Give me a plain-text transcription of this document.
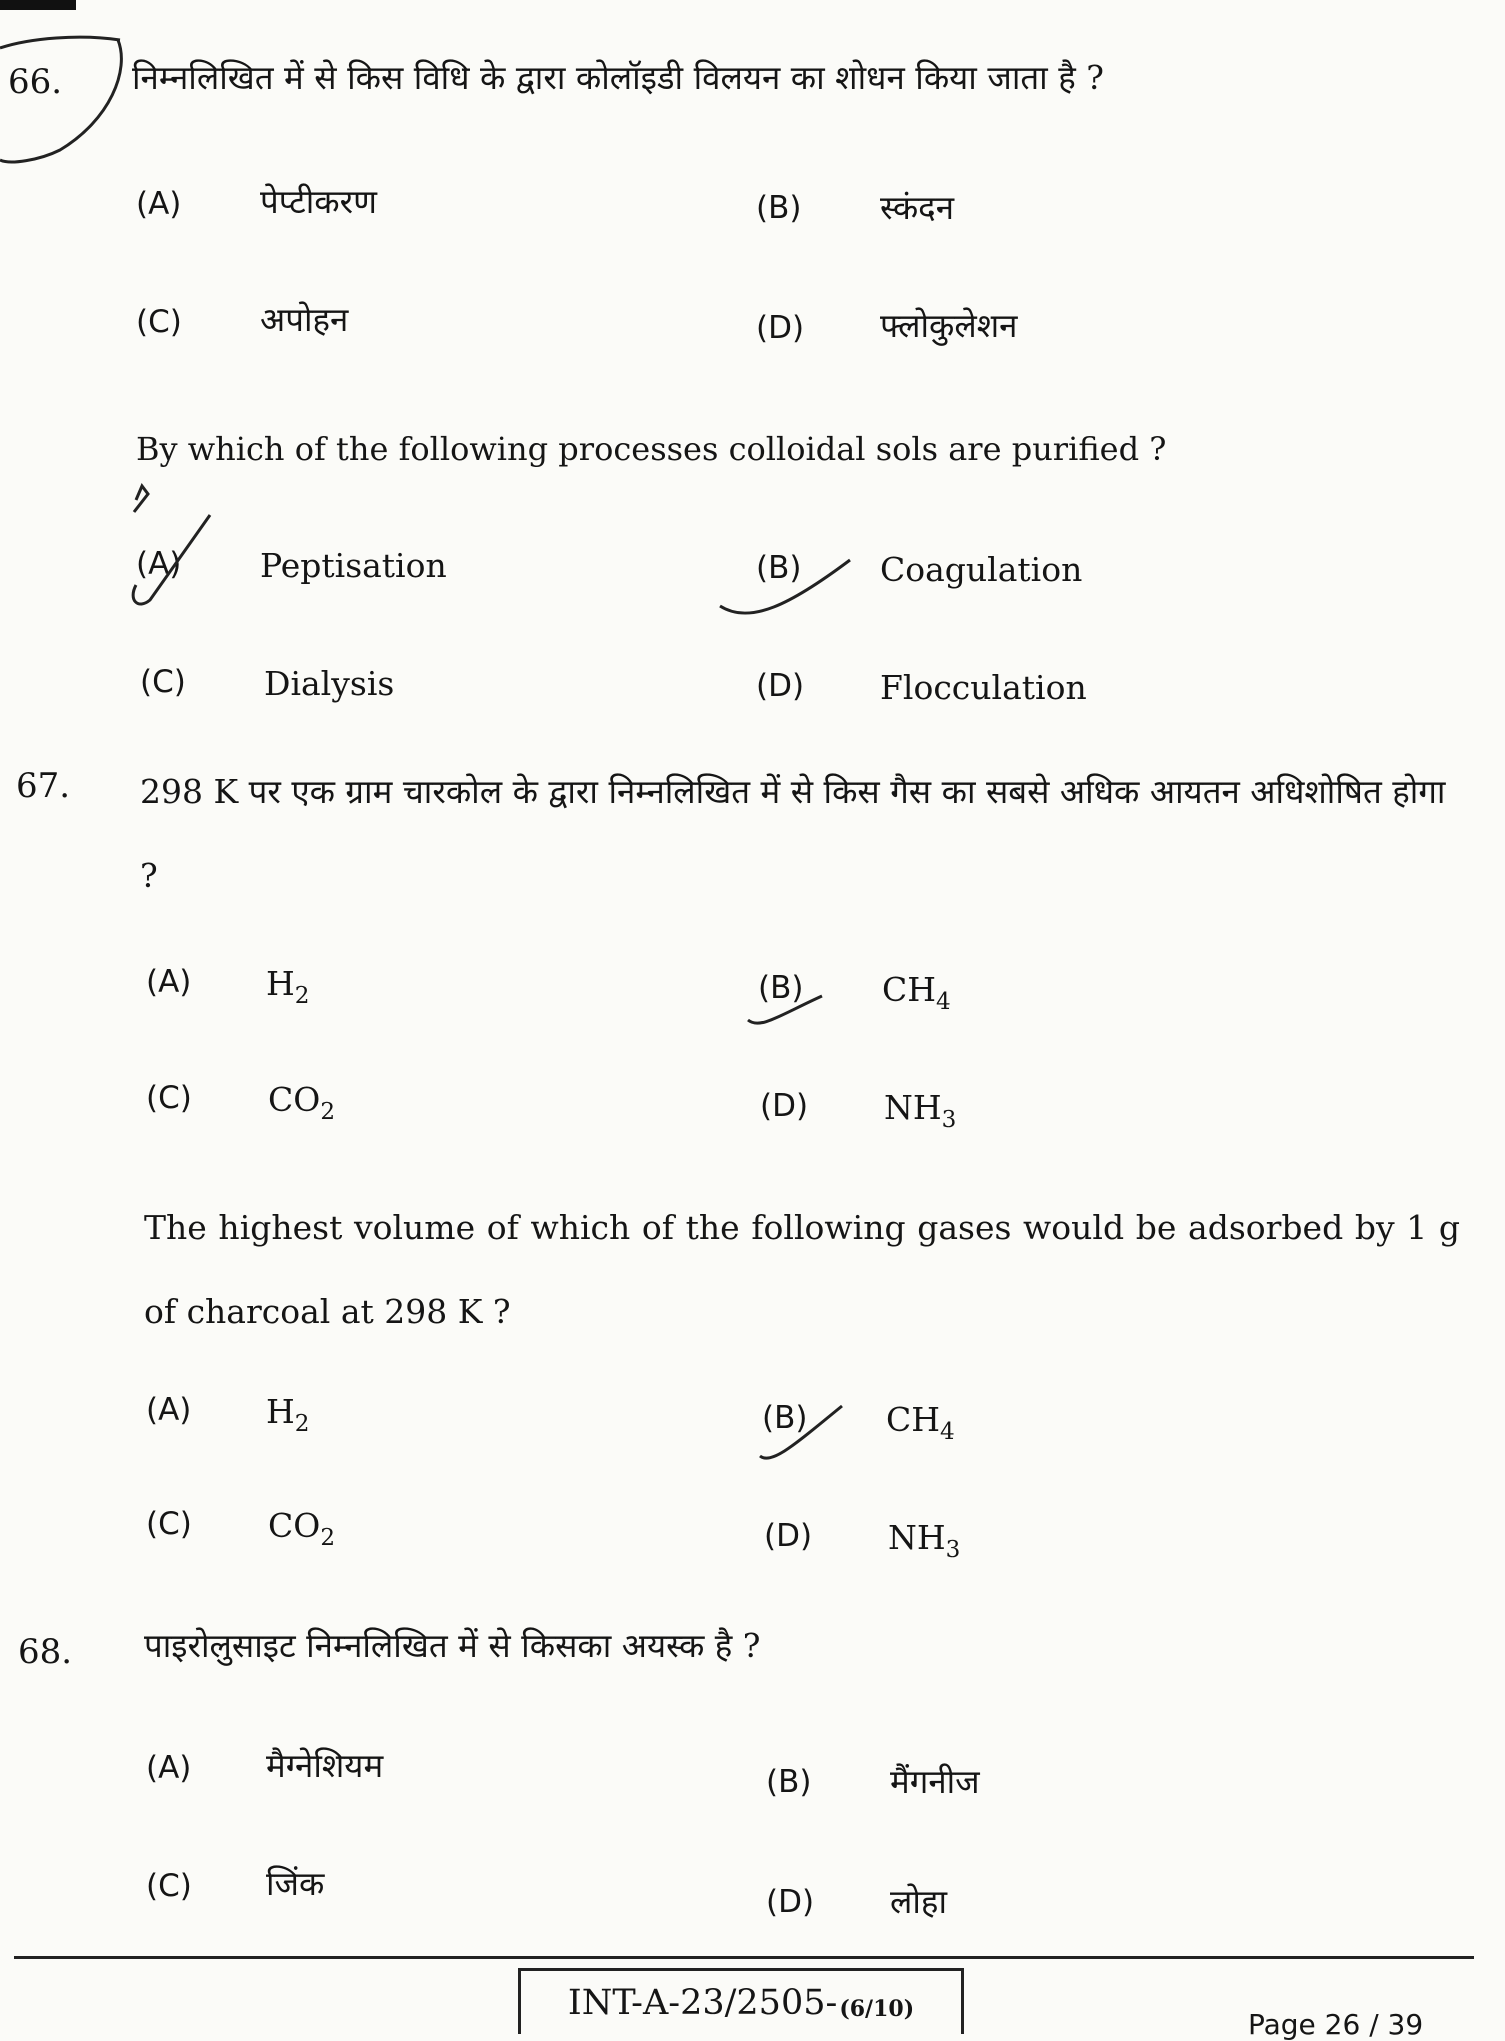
66. निम्नलिखित में से किस विधि के द्वारा कोलॉइडी विलयन का शोधन किया जाता है ?
(A) पेप्टीकरण	(B) स्कंदन
(C) अपोहन	(D) फ्लोकुलेशन
By which of the following processes colloidal sols are purified ?
(A) Peptisation	(B) Coagulation
(C) Dialysis	(D) Flocculation
67. 298 K पर एक ग्राम चारकोल के द्वारा निम्नलिखित में से किस गैस का सबसे अधिक आयतन अधिशोषित होगा ?
(A) $H_2$	(B) $CH_4$
(C) $CO_2$	(D) $NH_3$
The highest volume of which of the following gases would be adsorbed by 1 g of charcoal at 298 K ?
(A) $H_2$	(B) $CH_4$
(C) $CO_2$	(D) $NH_3$
68. पाइरोलुसाइट निम्नलिखित में से किसका अयस्क है ?
(A) मैग्नेशियम	(B) मैंगनीज
(C) जिंक	(D) लोहा
INT-A-23/2505- (6/10)	Page 26 / 39
